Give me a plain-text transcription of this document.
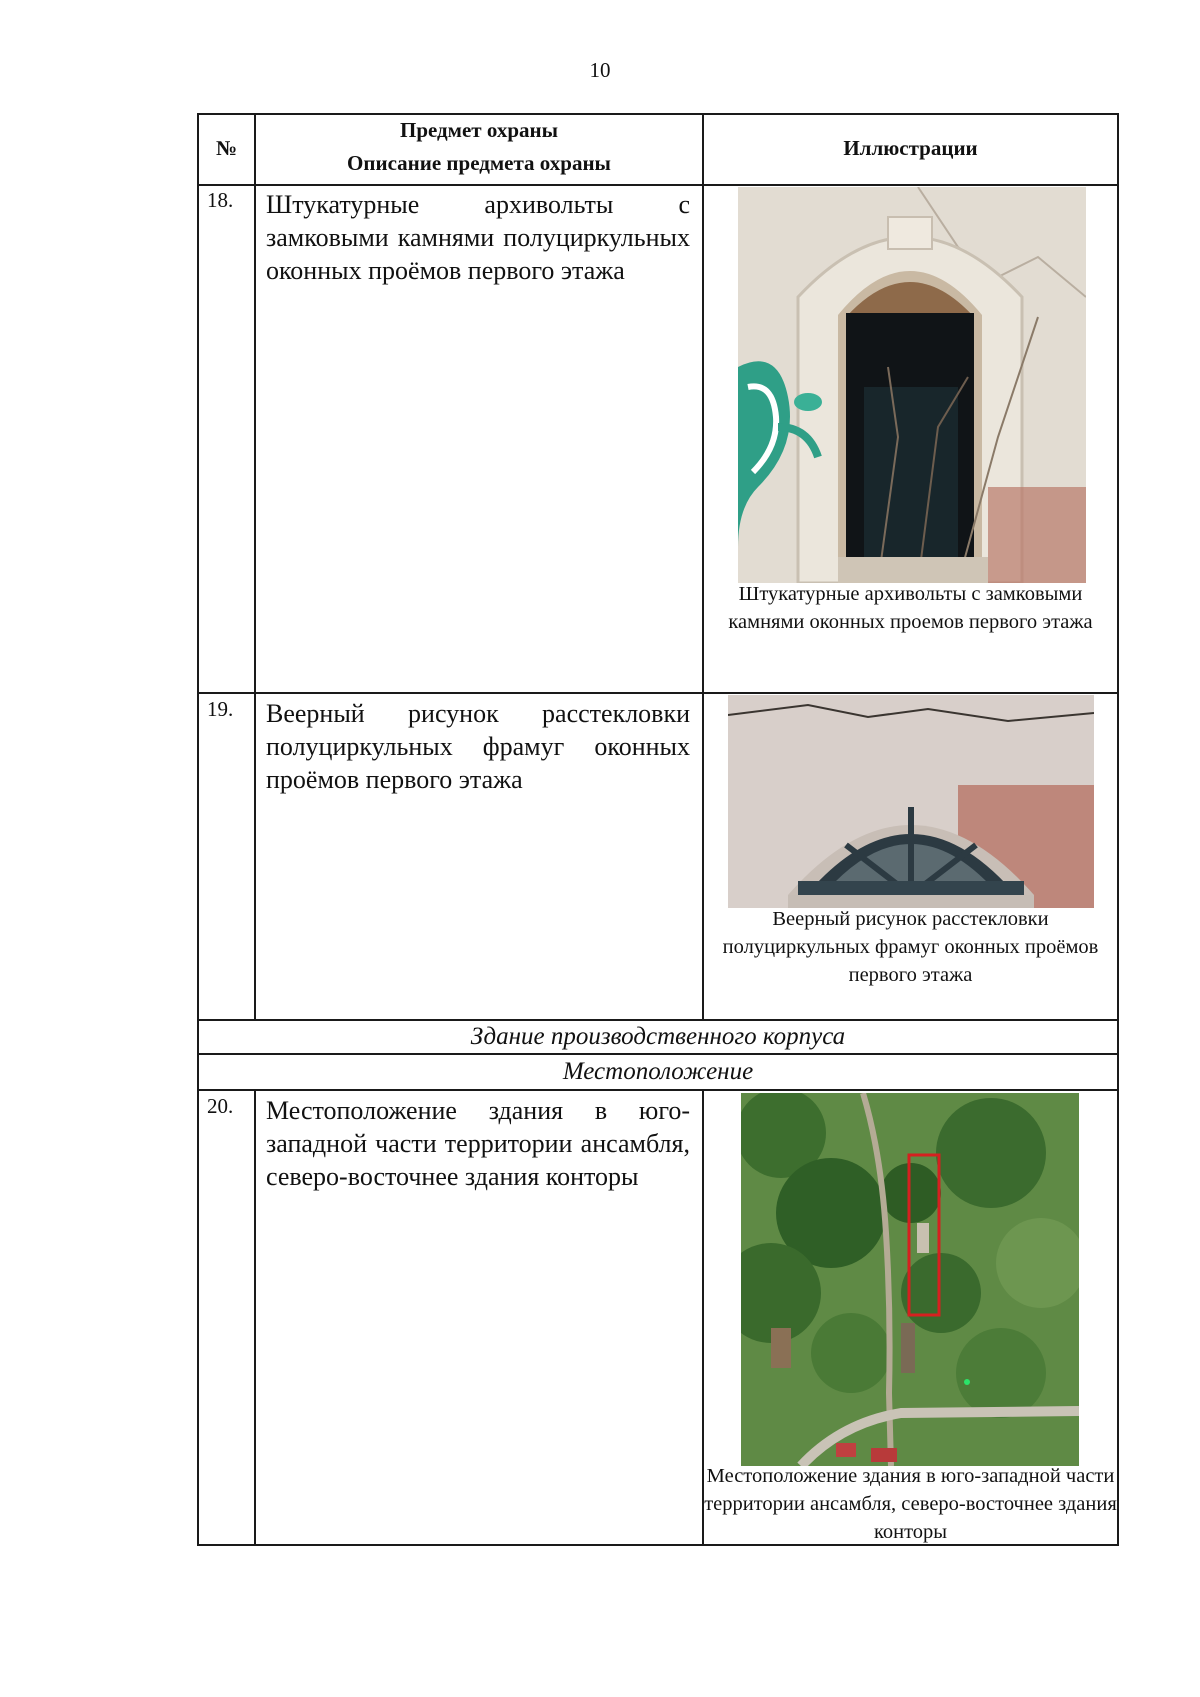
10
№
Предмет охраны
Описание предмета охраны
Иллюстрации
18. Штукатурные архивольты с замковыми камнями полуциркульных оконных проёмов первого этажа
Штукатурные архивольты с замковыми камнями оконных проемов первого этажа
19. Веерный рисунок расстекловки полуциркульных фрамуг оконных проёмов первого этажа
Веерный рисунок расстекловки полуциркульных фрамуг оконных проёмов первого этажа
Здание производственного корпуса
Местоположение
20. Местоположение здания в юго-западной части территории ансамбля, северо-восточнее здания конторы
Местоположение здания в юго-западной части территории ансамбля, северо-восточнее здания конторы
